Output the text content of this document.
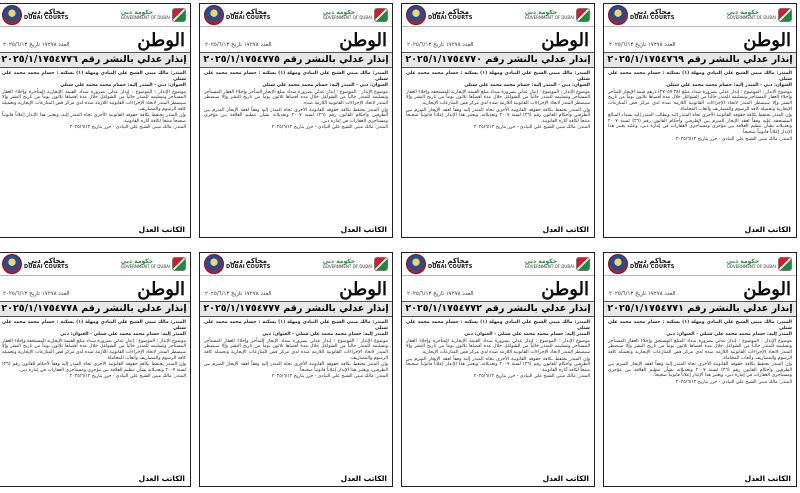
محاكم دبي
DUBAI COURTS
حكومة دبي
GOVERNMENT OF DUBAI
الوطن
العدد ١٧٢٧٨ تاريخ ٢٠٢٥/٦/١٣
إنذار عدلي بالنشر رقم ٢٠٢٥/١/١٧٥٤٧٦٩

المنذر: مالك مبنى الشيخ علي النيادي ومهلة (١) يسكنه : حسام محمد محمد علي شتلي

العنوان: دبي - المنذر إليه: حسام محمد محمد علي شتلي

موضوع الإنذار : الموضوع : إنذار عدلي بضرورة سداد مبلغ (٢٧٠٥٧.٣٨) درهم قيمة الإيجار المتأخر وإخلاء العقار المستأجر وتسليمه للمنذر خالياً من الشواغل خلال مدة أقصاها ثلاثون يوماً من تاريخ النشر وإلا سيضطر المنذر لاتخاذ الإجراءات القانونية اللازمة ضده لدى مركز فض المنازعات الإيجارية وتحميله كافة الرسوم والمصاريف وأتعاب المحاماة.

وإن المنذر يحتفظ بكافة حقوقه القانونية الأخرى تجاه المنذر إليه ويطالب المنذر إليه بسداد المبالغ المستحقة عليه وفقاً لعقد الإيجار المبرم بين الطرفين وأحكام القانون رقم (٢٦) لسنة ٢٠٠٧ وتعديلاته بشأن تنظيم العلاقة بين مؤجري ومستأجري العقارات في إمارة دبي، وعليه يعتبر هذا الإنذار إعلاناً قانونياً صحيحاً.

المنذر: مالك مبنى الشيخ علي النيادي - حرر بتاريخ ٢٠٢٥/٦/١٢

الكاتب العدل
محاكم دبي
DUBAI COURTS
حكومة دبي
GOVERNMENT OF DUBAI
الوطن
العدد ١٧٢٧٨ تاريخ ٢٠٢٥/٦/١٣
إنذار عدلي بالنشر رقم ٢٠٢٥/١/١٧٥٤٧٧٠

المنذر: مالك مبنى الشيخ علي النيادي ومهلة (١) يسكنه : حسام محمد محمد علي شتلي

العنوان: دبي - المنذر إليه: حسام محمد محمد علي شتلي

موضوع الإنذار : الموضوع : إنذار عدلي بضرورة سداد مبلغ القيمة الإيجارية المستحقة وإخلاء العقار المستأجر وتسليمه للمنذر خالياً من الشواغل خلال مدة أقصاها ثلاثون يوماً من تاريخ النشر وإلا سيضطر المنذر لاتخاذ الإجراءات القانونية اللازمة ضده لدى مركز فض المنازعات الإيجارية.

وإن المنذر يحتفظ بكافة حقوقه القانونية الأخرى تجاه المنذر إليه وفقاً لعقد الإيجار المبرم بين الطرفين وأحكام القانون رقم (٢٦) لسنة ٢٠٠٧ وتعديلاته، ويعتبر هذا الإنذار إعلاناً قانونياً صحيحاً منتجاً لكافة آثاره القانونية.

المنذر: مالك مبنى الشيخ علي النيادي - حرر بتاريخ ٢٠٢٥/٦/١٢

الكاتب العدل
محاكم دبي
DUBAI COURTS
حكومة دبي
GOVERNMENT OF DUBAI
الوطن
العدد ١٧٢٧٨ تاريخ ٢٠٢٥/٦/١٣
إنذار عدلي بالنشر رقم ٢٠٢٥/١/١٧٥٤٧٧٥

المنذر: مالك مبنى الشيخ علي النيادي ومهلة (١) يسكنه : حسام محمد محمد علي شتلي

العنوان: دبي - المنذر إليه: حسام محمد محمد علي شتلي

موضوع الإنذار : الموضوع : إنذار عدلي بضرورة سداد مبلغ الإيجار المتأخر وإخلاء العقار المستأجر وتسليمه للمنذر خالياً من الشواغل خلال مدة أقصاها ثلاثون يوماً من تاريخ النشر وإلا سيضطر المنذر لاتخاذ الإجراءات القانونية اللازمة ضده.

وإن المنذر يحتفظ بكافة حقوقه القانونية الأخرى تجاه المنذر إليه وفقاً لعقد الإيجار المبرم بين الطرفين وأحكام القانون رقم (٢٦) لسنة ٢٠٠٧ وتعديلاته بشأن تنظيم العلاقة بين مؤجري ومستأجري العقارات في إمارة دبي.

المنذر: مالك مبنى الشيخ علي النيادي - حرر بتاريخ ٢٠٢٥/٦/١٢

الكاتب العدل
محاكم دبي
DUBAI COURTS
حكومة دبي
GOVERNMENT OF DUBAI
الوطن
العدد ١٧٢٧٨ تاريخ ٢٠٢٥/٦/١٣
إنذار عدلي بالنشر رقم ٢٠٢٥/١/١٧٥٤٧٧٦

المنذر: مالك مبنى الشيخ علي النيادي ومهلة (١) يسكنه : حسام محمد محمد علي شتلي

العنوان: دبي - المنذر إليه: حسام محمد محمد علي شتلي

موضوع الإنذار : الموضوع : إنذار عدلي بضرورة سداد القيمة الإيجارية المتأخرة وإخلاء العقار المستأجر وتسليمه للمنذر خالياً من الشواغل خلال مدة أقصاها ثلاثون يوماً من تاريخ النشر وإلا سيضطر المنذر لاتخاذ الإجراءات القانونية اللازمة ضده لدى مركز فض المنازعات الإيجارية وتحميله كافة الرسوم والمصاريف.

وإن المنذر يحتفظ بكافة حقوقه القانونية الأخرى تجاه المنذر إليه، ويعتبر هذا الإنذار إعلاناً قانونياً صحيحاً منتجاً لكافة آثاره القانونية.

المنذر: مالك مبنى الشيخ علي النيادي - حرر بتاريخ ٢٠٢٥/٦/١٢

الكاتب العدل
محاكم دبي
DUBAI COURTS
حكومة دبي
GOVERNMENT OF DUBAI
الوطن
العدد ١٧٢٧٨ تاريخ ٢٠٢٥/٦/١٣
إنذار عدلي بالنشر رقم ٢٠٢٥/١/١٧٥٤٧٧١

المنذر: مالك مبنى الشيخ علي النيادي ومهلة (١) يسكنه : حسام محمد محمد علي شتلي

المنذر إليه: حسام محمد محمد علي شتلي - العنوان: دبي

موضوع الإنذار : الموضوع : إنذار عدلي بضرورة سداد المبلغ المستحق وإخلاء العقار المستأجر وتسليمه للمنذر خالياً من الشواغل خلال مدة أقصاها ثلاثون يوماً من تاريخ النشر وإلا سيضطر المنذر لاتخاذ الإجراءات القانونية اللازمة ضده لدى مركز فض المنازعات الإيجارية وتحميله كافة الرسوم والمصاريف وأتعاب المحاماة.

وإن المنذر يحتفظ بكافة حقوقه القانونية الأخرى تجاه المنذر إليه وفقاً لعقد الإيجار المبرم بين الطرفين وأحكام القانون رقم (٢٦) لسنة ٢٠٠٧ وتعديلاته بشأن تنظيم العلاقة بين مؤجري ومستأجري العقارات في إمارة دبي، ويعتبر هذا الإنذار إعلاناً قانونياً صحيحاً.

المنذر: مالك مبنى الشيخ علي النيادي - حرر بتاريخ ٢٠٢٥/٦/١٢

الكاتب العدل
محاكم دبي
DUBAI COURTS
حكومة دبي
GOVERNMENT OF DUBAI
الوطن
العدد ١٧٢٧٨ تاريخ ٢٠٢٥/٦/١٣
إنذار عدلي بالنشر رقم ٢٠٢٥/١/١٧٥٤٧٧٢

المنذر: مالك مبنى الشيخ علي النيادي ومهلة (١) يسكنه : حسام محمد محمد علي شتلي

المنذر إليه: حسام محمد محمد علي شتلي - العنوان: دبي

موضوع الإنذار : الموضوع : إنذار عدلي بضرورة سداد القيمة الإيجارية المتأخرة وإخلاء العقار المستأجر وتسليمه للمنذر خالياً من الشواغل خلال مدة أقصاها ثلاثون يوماً من تاريخ النشر وإلا سيضطر المنذر لاتخاذ الإجراءات القانونية اللازمة ضده لدى مركز فض المنازعات الإيجارية.

وإن المنذر يحتفظ بكافة حقوقه القانونية الأخرى تجاه المنذر إليه وفقاً لعقد الإيجار المبرم بين الطرفين وأحكام القانون رقم (٢٦) لسنة ٢٠٠٧ وتعديلاته، ويعتبر هذا الإنذار إعلاناً قانونياً صحيحاً منتجاً لكافة آثاره القانونية.

المنذر: مالك مبنى الشيخ علي النيادي - حرر بتاريخ ٢٠٢٥/٦/١٢

الكاتب العدل
محاكم دبي
DUBAI COURTS
حكومة دبي
GOVERNMENT OF DUBAI
الوطن
العدد ١٧٢٧٨ تاريخ ٢٠٢٥/٦/١٣
إنذار عدلي بالنشر رقم ٢٠٢٥/١/١٧٥٤٧٧٧

المنذر: مالك مبنى الشيخ علي النيادي ومهلة (١) يسكنه : حسام محمد محمد علي شتلي

المنذر إليه: حسام محمد محمد علي شتلي - العنوان: دبي

موضوع الإنذار : الموضوع : إنذار عدلي بضرورة سداد الإيجار المتأخر وإخلاء العقار المستأجر وتسليمه للمنذر خالياً من الشواغل خلال مدة أقصاها ثلاثون يوماً من تاريخ النشر وإلا سيضطر المنذر لاتخاذ الإجراءات القانونية اللازمة ضده لدى مركز فض المنازعات الإيجارية وتحميله كافة الرسوم والمصاريف.

وإن المنذر يحتفظ بكافة حقوقه القانونية الأخرى تجاه المنذر إليه وفقاً لعقد الإيجار المبرم بين الطرفين، ويعتبر هذا الإنذار إعلاناً قانونياً صحيحاً.

المنذر: مالك مبنى الشيخ علي النيادي - حرر بتاريخ ٢٠٢٥/٦/١٢

الكاتب العدل
محاكم دبي
DUBAI COURTS
حكومة دبي
GOVERNMENT OF DUBAI
الوطن
العدد ١٧٢٧٨ تاريخ ٢٠٢٥/٦/١٣
إنذار عدلي بالنشر رقم ٢٠٢٥/١/١٧٥٤٧٧٨

المنذر: مالك مبنى الشيخ علي النيادي ومهلة (١) يسكنه : حسام محمد محمد علي شتلي

المنذر إليه: حسام محمد محمد علي شتلي - العنوان: دبي

موضوع الإنذار : الموضوع : إنذار عدلي بضرورة سداد مبلغ القيمة الإيجارية المستحقة وإخلاء العقار المستأجر وتسليمه للمنذر خالياً من الشواغل خلال مدة أقصاها ثلاثون يوماً من تاريخ النشر وإلا سيضطر المنذر لاتخاذ الإجراءات القانونية اللازمة ضده لدى مركز فض المنازعات الإيجارية وتحميله كافة الرسوم والمصاريف وأتعاب المحاماة.

وإن المنذر يحتفظ بكافة حقوقه القانونية الأخرى تجاه المنذر إليه وفقاً لأحكام القانون رقم (٢٦) لسنة ٢٠٠٧ وتعديلاته بشأن تنظيم العلاقة بين مؤجري ومستأجري العقارات في إمارة دبي.

المنذر: مالك مبنى الشيخ علي النيادي - حرر بتاريخ ٢٠٢٥/٦/١٢

الكاتب العدل
